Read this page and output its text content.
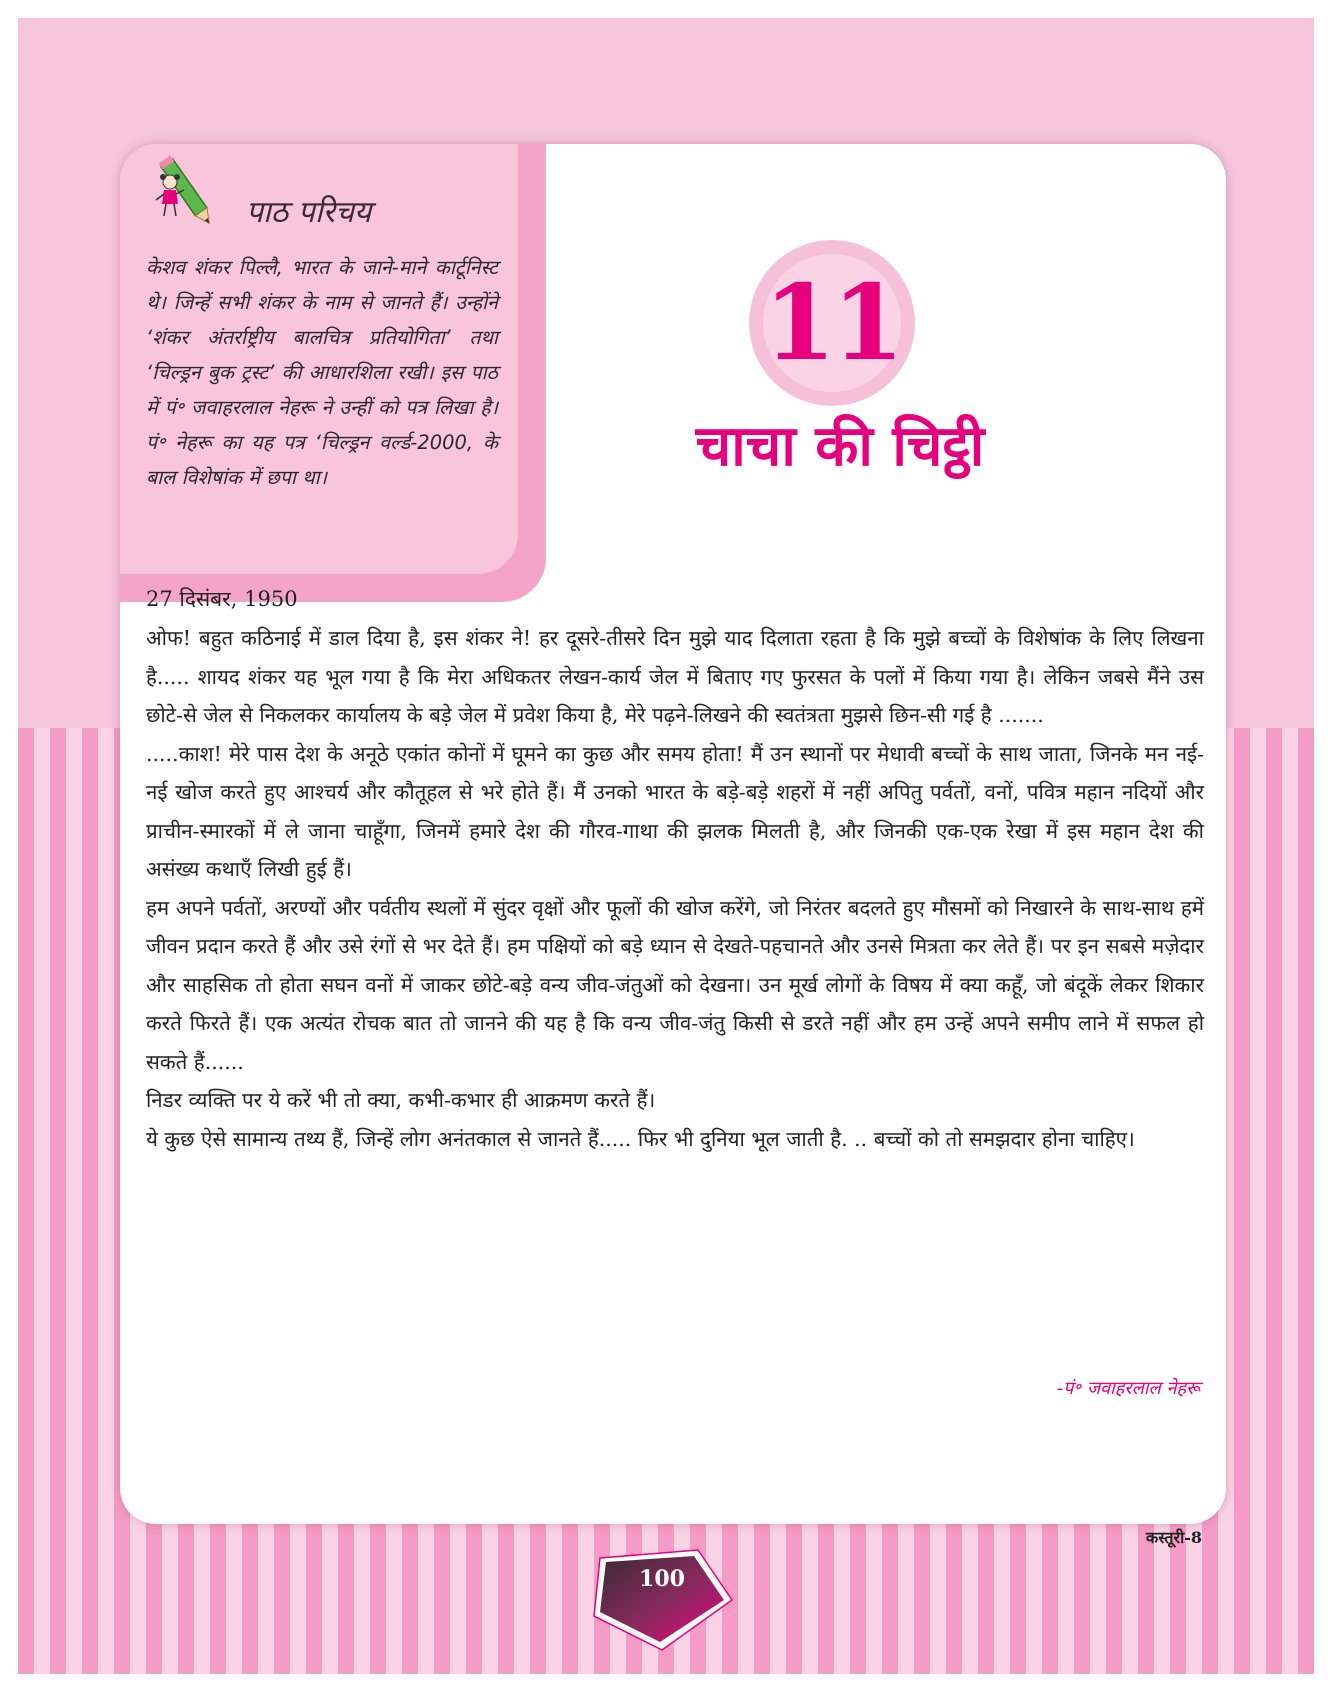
पाठ परिचय
केशव शंकर पिल्लै, भारत के जाने-माने कार्टूनिस्ट थे। जिन्हें सभी शंकर के नाम से जानते हैं। उन्होंने ‘शंकर अंतर्राष्ट्रीय बालचित्र प्रतियोगिता’ तथा ‘चिल्ड्रन बुक ट्रस्ट’ की आधारशिला रखी। इस पाठ में पं॰ जवाहरलाल नेहरू ने उन्हीं को पत्र लिखा है। पं॰ नेहरू का यह पत्र ‘चिल्ड्रन वर्ल्ड-2000, के बाल विशेषांक में छपा था।
11
चाचा की चिट्ठी
27 दिसंबर, 1950

ओफ! बहुत कठिनाई में डाल दिया है, इस शंकर ने! हर दूसरे-तीसरे दिन मुझे याद दिलाता रहता है कि मुझे बच्चों के विशेषांक के लिए लिखना है..... शायद शंकर यह भूल गया है कि मेरा अधिकतर लेखन-कार्य जेल में बिताए गए फुरसत के पलों में किया गया है। लेकिन जबसे मैंने उस छोटे-से जेल से निकलकर कार्यालय के बड़े जेल में प्रवेश किया है, मेरे पढ़ने-लिखने की स्वतंत्रता मुझसे छिन-सी गई है .......

.....काश! मेरे पास देश के अनूठे एकांत कोनों में घूमने का कुछ और समय होता! मैं उन स्थानों पर मेधावी बच्चों के साथ जाता, जिनके मन नई-नई खोज करते हुए आश्चर्य और कौतूहल से भरे होते हैं। मैं उनको भारत के बड़े-बड़े शहरों में नहीं अपितु पर्वतों, वनों, पवित्र महान नदियों और प्राचीन-स्मारकों में ले जाना चाहूँगा, जिनमें हमारे देश की गौरव-गाथा की झलक मिलती है, और जिनकी एक-एक रेखा में इस महान देश की असंख्य कथाएँ लिखी हुई हैं।

हम अपने पर्वतों, अरण्यों और पर्वतीय स्थलों में सुंदर वृक्षों और फूलों की खोज करेंगे, जो निरंतर बदलते हुए मौसमों को निखारने के साथ-साथ हमें जीवन प्रदान करते हैं और उसे रंगों से भर देते हैं। हम पक्षियों को बड़े ध्यान से देखते-पहचानते और उनसे मित्रता कर लेते हैं। पर इन सबसे मज़ेदार और साहसिक तो होता सघन वनों में जाकर छोटे-बड़े वन्य जीव-जंतुओं को देखना। उन मूर्ख लोगों के विषय में क्या कहूँ, जो बंदूकें लेकर शिकार करते फिरते हैं। एक अत्यंत रोचक बात तो जानने की यह है कि वन्य जीव-जंतु किसी से डरते नहीं और हम उन्हें अपने समीप लाने में सफल हो सकते हैं......

निडर व्यक्ति पर ये करें भी तो क्या, कभी-कभार ही आक्रमण करते हैं।

ये कुछ ऐसे सामान्य तथ्य हैं, जिन्हें लोग अनंतकाल से जानते हैं..... फिर भी दुनिया भूल जाती है. .. बच्चों को तो समझदार होना चाहिए।

-पं॰ जवाहरलाल नेहरू
कस्तूरी-8
100
